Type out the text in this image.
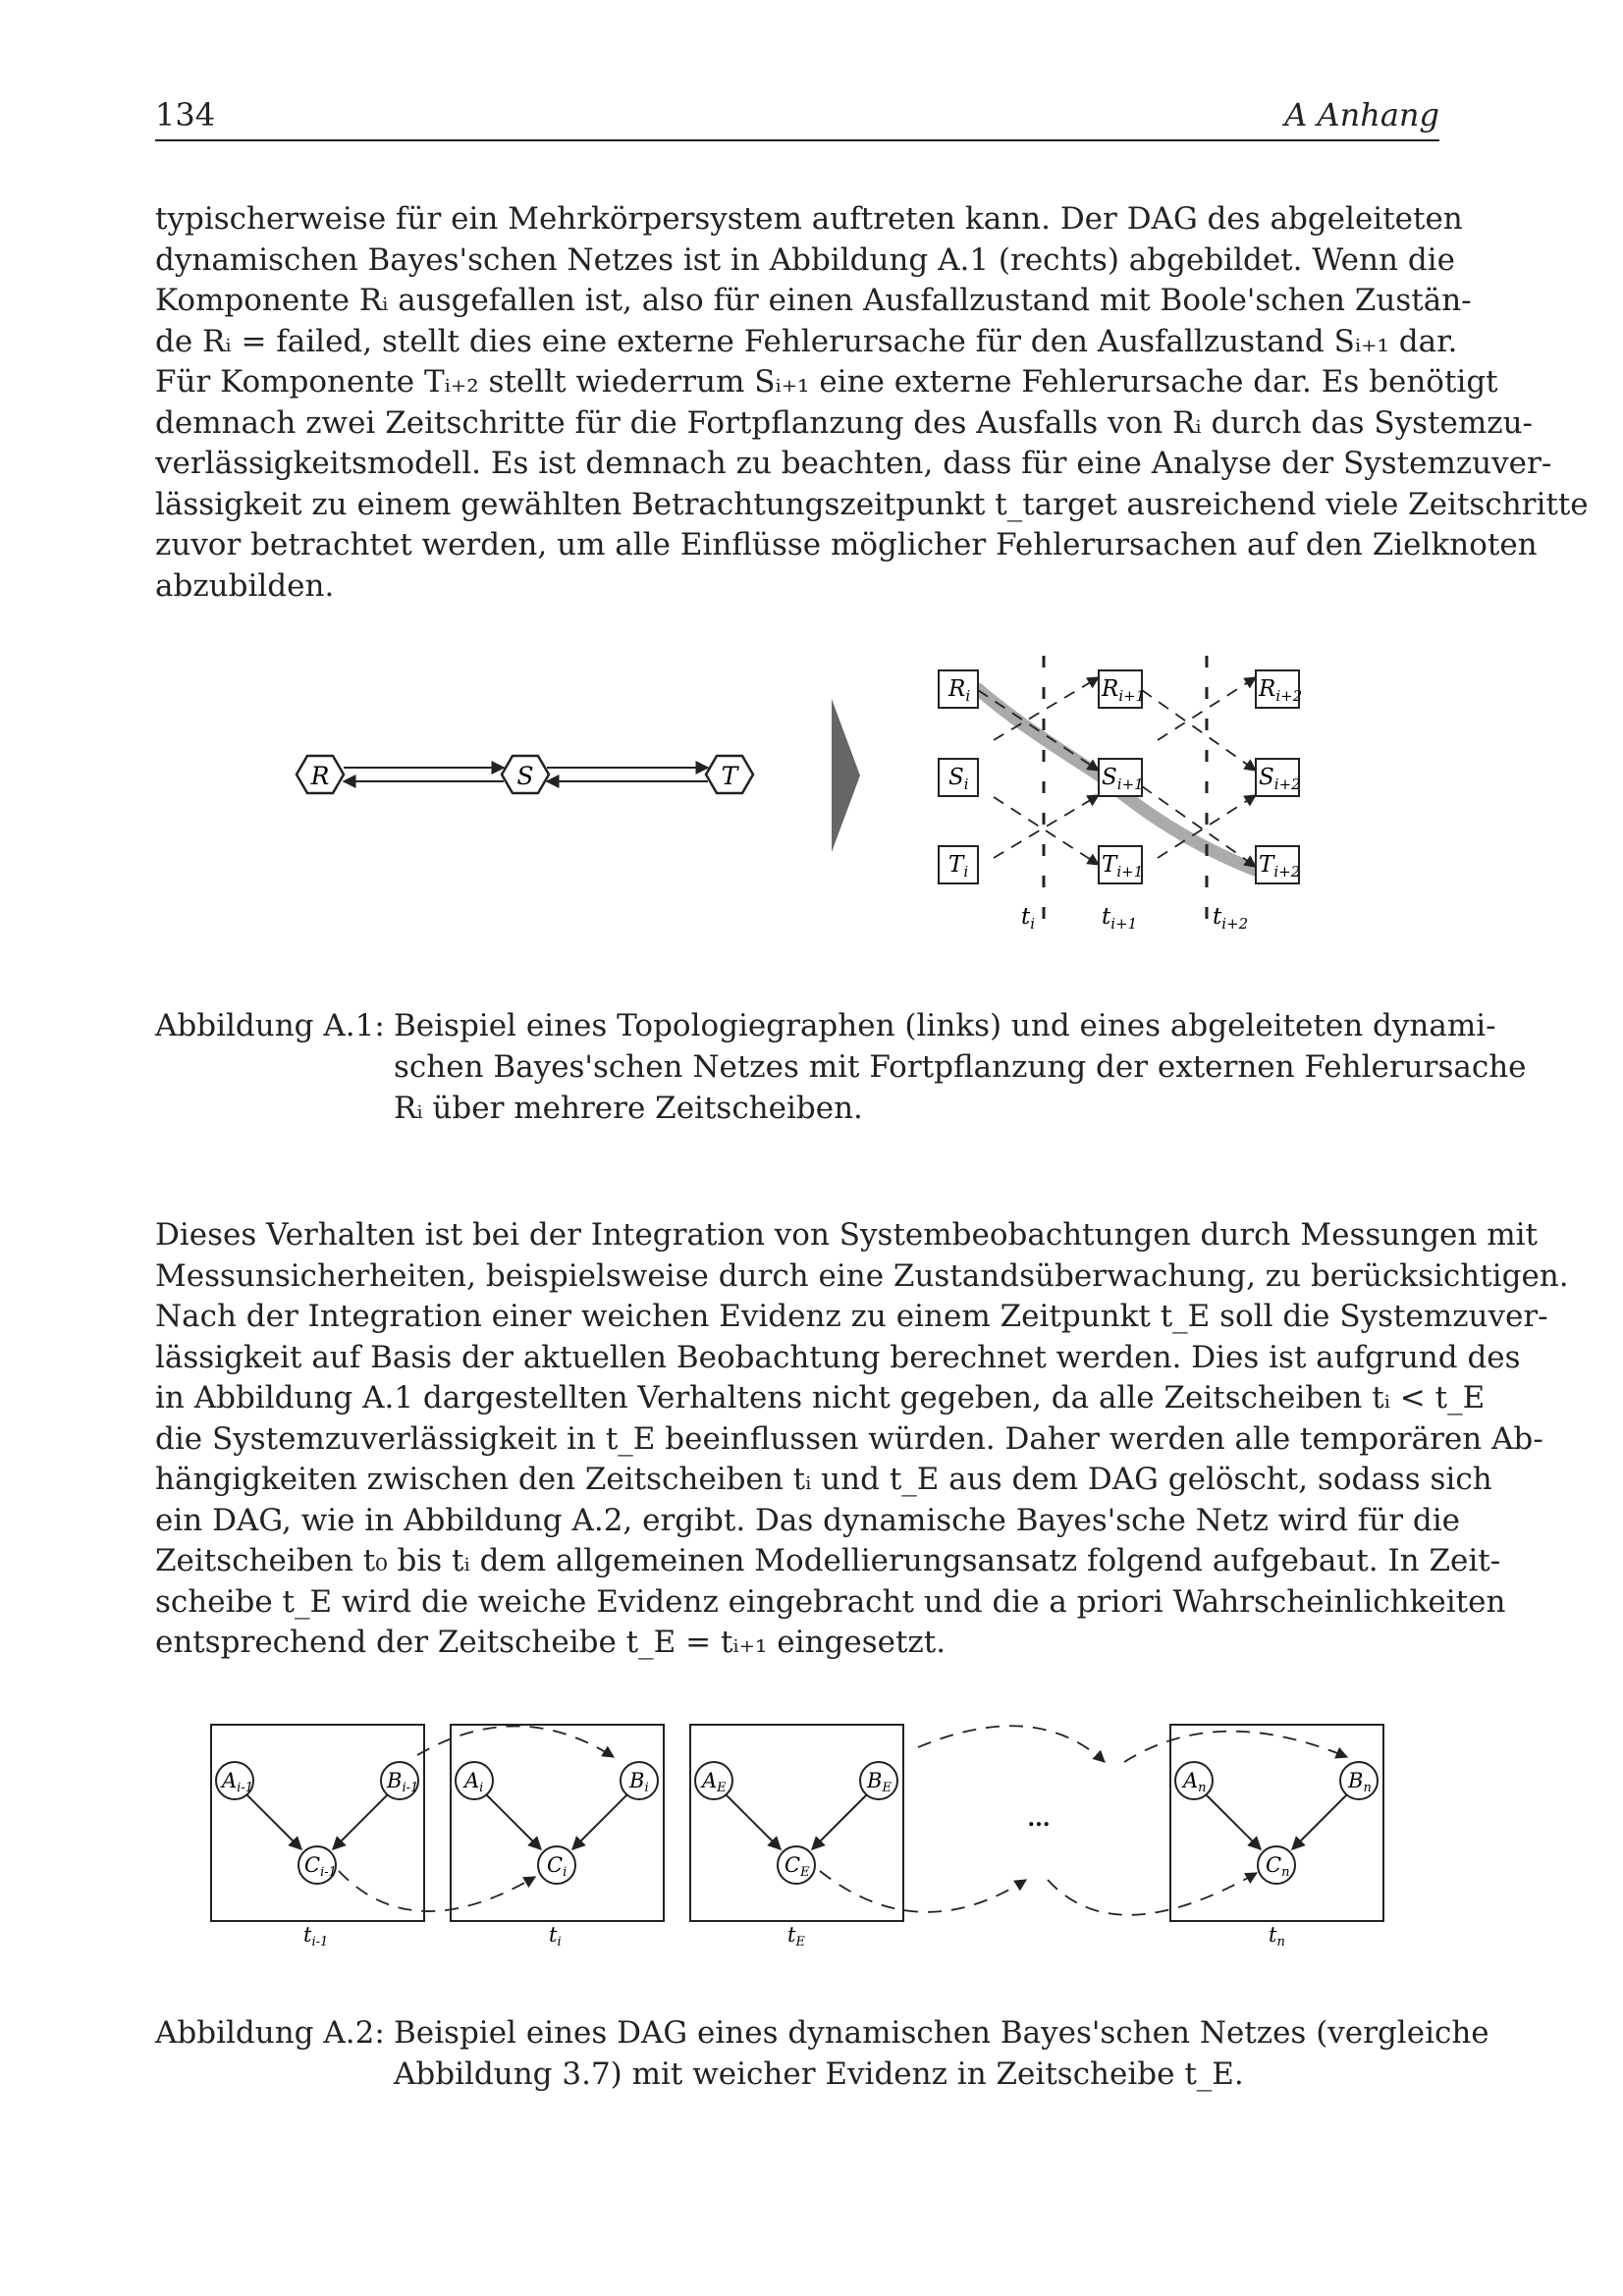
134	A Anhang
typischerweise für ein Mehrkörpersystem auftreten kann. Der DAG des abgeleiteten
dynamischen Bayes'schen Netzes ist in Abbildung A.1 (rechts) abgebildet. Wenn die
Komponente Rᵢ ausgefallen ist, also für einen Ausfallzustand mit Boole'schen Zustän-
de Rᵢ = failed, stellt dies eine externe Fehlerursache für den Ausfallzustand Sᵢ₊₁ dar.
Für Komponente Tᵢ₊₂ stellt wiederrum Sᵢ₊₁ eine externe Fehlerursache dar. Es benötigt
demnach zwei Zeitschritte für die Fortpflanzung des Ausfalls von Rᵢ durch das Systemzu-
verlässigkeitsmodell. Es ist demnach zu beachten, dass für eine Analyse der Systemzuver-
lässigkeit zu einem gewählten Betrachtungszeitpunkt t_target ausreichend viele Zeitschritte
zuvor betrachtet werden, um alle Einflüsse möglicher Fehlerursachen auf den Zielknoten
abzubilden.
R	S	T
$R_i$	$R_{i+1}$	$R_{i+2}$
$S_i$	$S_{i+1}$	$S_{i+2}$
$T_i$	$T_{i+1}$	$T_{i+2}$
$t_i$	$t_{i+1}$	$t_{i+2}$
Abbildung A.1: Beispiel eines Topologiegraphen (links) und eines abgeleiteten dynami-
schen Bayes'schen Netzes mit Fortpflanzung der externen Fehlerursache
Rᵢ über mehrere Zeitscheiben.
Dieses Verhalten ist bei der Integration von Systembeobachtungen durch Messungen mit
Messunsicherheiten, beispielsweise durch eine Zustandsüberwachung, zu berücksichtigen.
Nach der Integration einer weichen Evidenz zu einem Zeitpunkt t_E soll die Systemzuver-
lässigkeit auf Basis der aktuellen Beobachtung berechnet werden. Dies ist aufgrund des
in Abbildung A.1 dargestellten Verhaltens nicht gegeben, da alle Zeitscheiben tᵢ < t_E
die Systemzuverlässigkeit in t_E beeinflussen würden. Daher werden alle temporären Ab-
hängigkeiten zwischen den Zeitscheiben tᵢ und t_E aus dem DAG gelöscht, sodass sich
ein DAG, wie in Abbildung A.2, ergibt. Das dynamische Bayes'sche Netz wird für die
Zeitscheiben t₀ bis tᵢ dem allgemeinen Modellierungsansatz folgend aufgebaut. In Zeit-
scheibe t_E wird die weiche Evidenz eingebracht und die a priori Wahrscheinlichkeiten
entsprechend der Zeitscheibe t_E = tᵢ₊₁ eingesetzt.
Ai-1	Bi-1
Ci-1
ti-1
Ai	Bi
Ci
ti
AE	BE
CE
tE
...
An	Bn
Cn
tn
Abbildung A.2: Beispiel eines DAG eines dynamischen Bayes'schen Netzes (vergleiche
Abbildung 3.7) mit weicher Evidenz in Zeitscheibe t_E.
